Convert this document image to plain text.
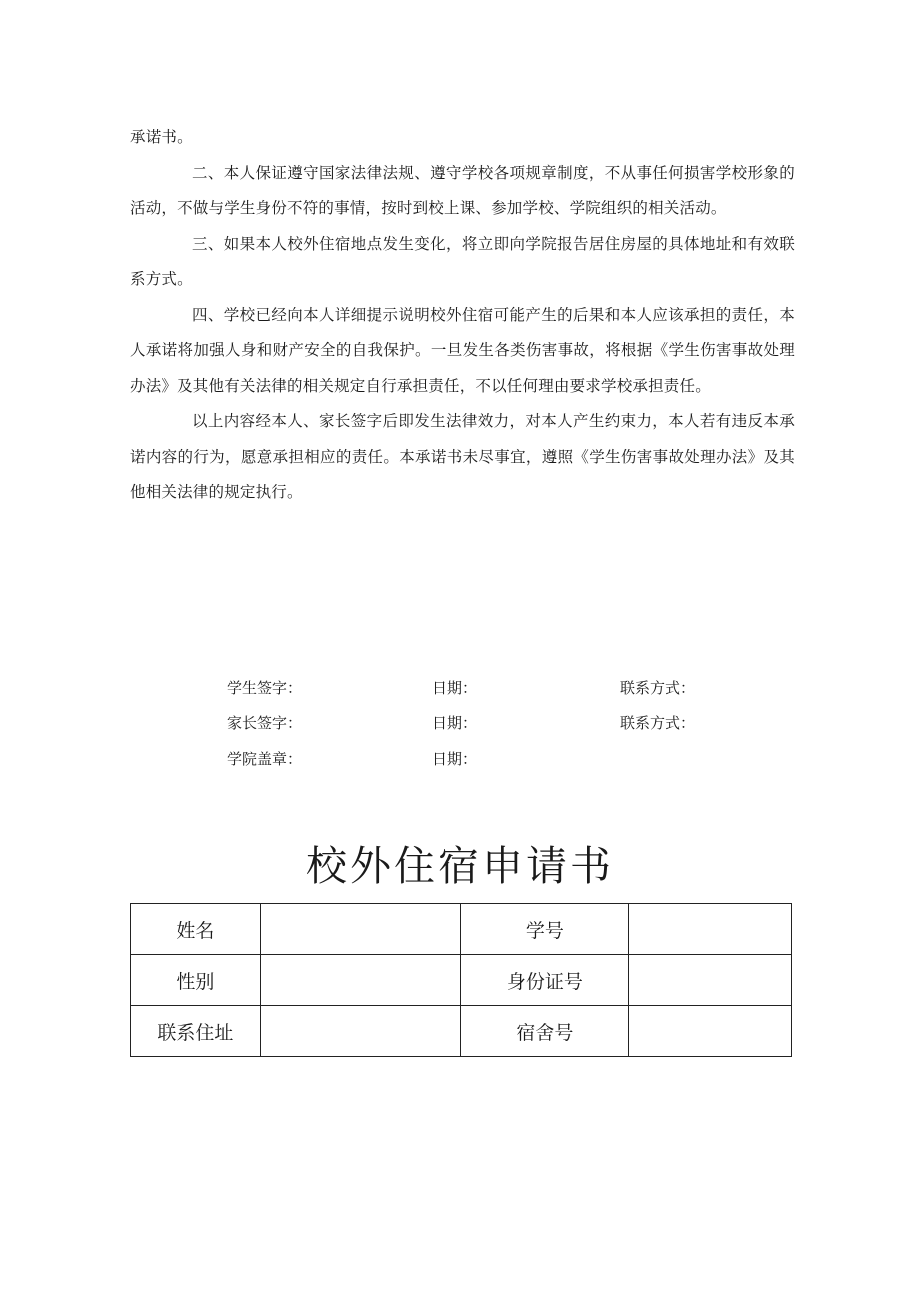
承诺书。

二、本人保证遵守国家法律法规、遵守学校各项规章制度，不从事任何损害学校形象的活动，不做与学生身份不符的事情，按时到校上课、参加学校、学院组织的相关活动。

三、如果本人校外住宿地点发生变化，将立即向学院报告居住房屋的具体地址和有效联系方式。

四、学校已经向本人详细提示说明校外住宿可能产生的后果和本人应该承担的责任，本人承诺将加强人身和财产安全的自我保护。一旦发生各类伤害事故，将根据《学生伤害事故处理办法》及其他有关法律的相关规定自行承担责任，不以任何理由要求学校承担责任。

以上内容经本人、家长签字后即发生法律效力，对本人产生约束力，本人若有违反本承诺内容的行为，愿意承担相应的责任。本承诺书未尽事宜，遵照《学生伤害事故处理办法》及其他相关法律的规定执行。

学生签字：	日期：	联系方式：
家长签字：	日期：	联系方式：
学院盖章：	日期：
校外住宿申请书
姓名		学号	
性别		身份证号	
联系住址		宿舍号	
